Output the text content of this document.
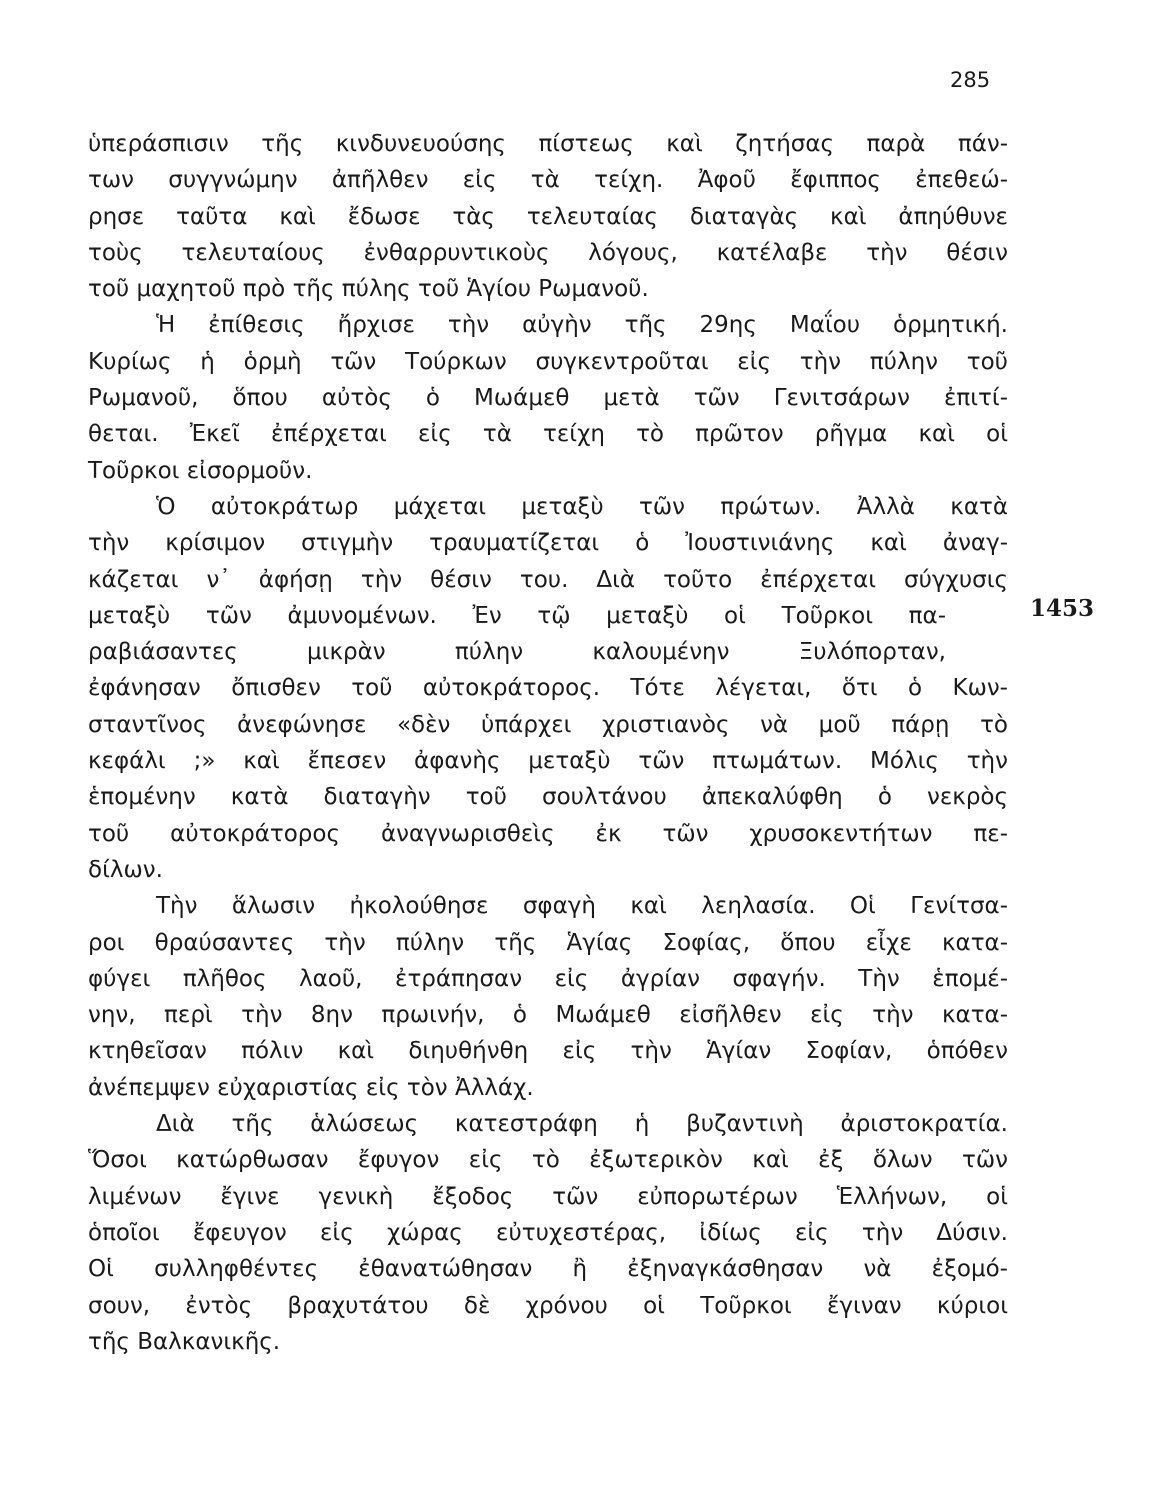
285
1453
ὑπεράσπισιν τῆς κινδυνευούσης πίστεως καὶ ζητήσας παρὰ πάν-
των συγγνώμην ἀπῆλθεν εἰς τὰ τείχη. Ἀφοῦ ἔφιππος ἐπεθεώ-
ρησε ταῦτα καὶ ἔδωσε τὰς τελευταίας διαταγὰς καὶ ἀπηύθυνε
τοὺς τελευταίους ἐνθαρρυντικοὺς λόγους, κατέλαβε τὴν θέσιν
τοῦ μαχητοῦ πρὸ τῆς πύλης τοῦ Ἁγίου Ρωμανοῦ.
Ἡ ἐπίθεσις ἤρχισε τὴν αὐγὴν τῆς 29ης Μαΐου ὁρμητική.
Κυρίως ἡ ὁρμὴ τῶν Τούρκων συγκεντροῦται εἰς τὴν πύλην τοῦ
Ρωμανοῦ, ὅπου αὐτὸς ὁ Μωάμεθ μετὰ τῶν Γενιτσάρων ἐπιτί-
θεται. Ἐκεῖ ἐπέρχεται εἰς τὰ τείχη τὸ πρῶτον ρῆγμα καὶ οἱ
Τοῦρκοι εἰσορμοῦν.
Ὁ αὐτοκράτωρ μάχεται μεταξὺ τῶν πρώτων. Ἀλλὰ κατὰ
τὴν κρίσιμον στιγμὴν τραυματίζεται ὁ Ἰουστινιάνης καὶ ἀναγ-
κάζεται ν᾽ ἀφήσῃ τὴν θέσιν του. Διὰ τοῦτο ἐπέρχεται σύγχυσις
μεταξὺ τῶν ἀμυνομένων. Ἐν τῷ μεταξὺ οἱ Τοῦρκοι πα-
ραβιάσαντες μικρὰν πύλην καλουμένην Ξυλόπορταν,
ἐφάνησαν ὄπισθεν τοῦ αὐτοκράτορος. Τότε λέγεται, ὅτι ὁ Κων-
σταντῖνος ἀνεφώνησε «δὲν ὑπάρχει χριστιανὸς νὰ μοῦ πάρῃ τὸ
κεφάλι ;» καὶ ἔπεσεν ἀφανὴς μεταξὺ τῶν πτωμάτων. Μόλις τὴν
ἑπομένην κατὰ διαταγὴν τοῦ σουλτάνου ἀπεκαλύφθη ὁ νεκρὸς
τοῦ αὐτοκράτορος ἀναγνωρισθεὶς ἐκ τῶν χρυσοκεντήτων πε-
δίλων.
Τὴν ἅλωσιν ἠκολούθησε σφαγὴ καὶ λεηλασία. Οἱ Γενίτσα-
ροι θραύσαντες τὴν πύλην τῆς Ἁγίας Σοφίας, ὅπου εἶχε κατα-
φύγει πλῆθος λαοῦ, ἐτράπησαν εἰς ἀγρίαν σφαγήν. Τὴν ἑπομέ-
νην, περὶ τὴν 8ην πρωινήν, ὁ Μωάμεθ εἰσῆλθεν εἰς τὴν κατα-
κτηθεῖσαν πόλιν καὶ διηυθήνθη εἰς τὴν Ἁγίαν Σοφίαν, ὁπόθεν
ἀνέπεμψεν εὐχαριστίας εἰς τὸν Ἀλλάχ.
Διὰ τῆς ἁλώσεως κατεστράφη ἡ βυζαντινὴ ἀριστοκρατία.
Ὅσοι κατώρθωσαν ἔφυγον εἰς τὸ ἐξωτερικὸν καὶ ἐξ ὅλων τῶν
λιμένων ἔγινε γενικὴ ἔξοδος τῶν εὐπορωτέρων Ἑλλήνων, οἱ
ὁποῖοι ἔφευγον εἰς χώρας εὐτυχεστέρας, ἰδίως εἰς τὴν Δύσιν.
Οἱ συλληφθέντες ἐθανατώθησαν ἢ ἐξηναγκάσθησαν νὰ ἐξομό-
σουν, ἐντὸς βραχυτάτου δὲ χρόνου οἱ Τοῦρκοι ἔγιναν κύριοι
τῆς Βαλκανικῆς.
